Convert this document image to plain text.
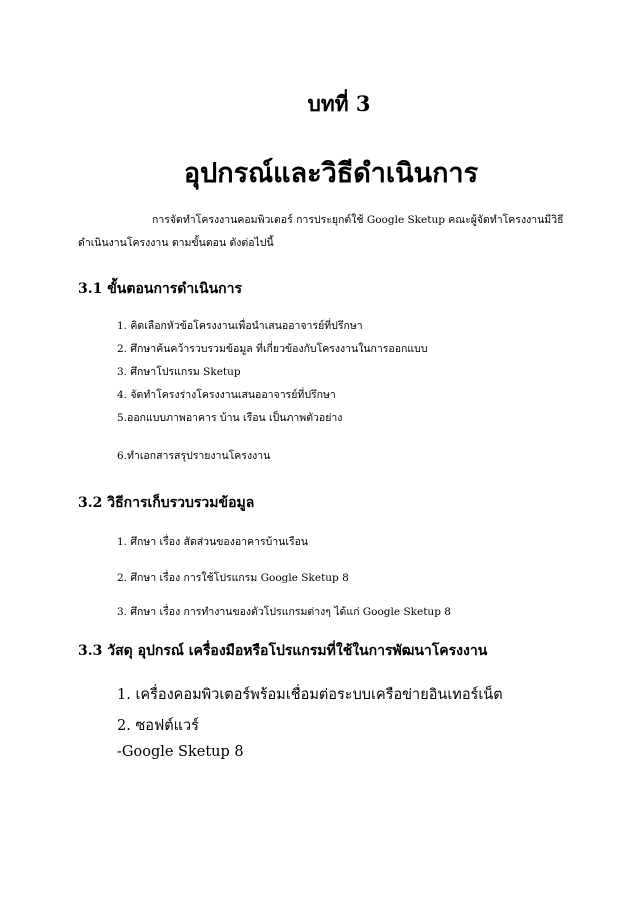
บทที่ 3
อุปกรณ์และวิธีดำเนินการ
การจัดทำโครงงานคอมพิวเตอร์ การประยุกต์ใช้ Google Sketup คณะผู้จัดทำโครงงานมีวิธี
ดำเนินงานโครงงาน ตามขั้นตอน ดังต่อไปนี้
3.1 ขั้นตอนการดำเนินการ
1. คิดเลือกหัวข้อโครงงานเพื่อนำเสนออาจารย์ที่ปรึกษา
2. ศึกษาค้นคว้ารวบรวมข้อมูล ที่เกี่ยวข้องกับโครงงานในการออกแบบ
3. ศึกษาโปรแกรม Sketup
4. จัดทำโครงร่างโครงงานเสนออาจารย์ที่ปรึกษา
5.ออกแบบภาพอาคาร บ้าน เรือน เป็นภาพตัวอย่าง
6.ทำเอกสารสรุปรายงานโครงงาน
3.2 วิธีการเก็บรวบรวมข้อมูล
1. ศึกษา เรื่อง สัดส่วนของอาคารบ้านเรือน
2. ศึกษา เรื่อง การใช้โปรแกรม Google Sketup 8
3. ศึกษา เรื่อง การทำงานของตัวโปรแกรมต่างๆ ได้แก่ Google Sketup 8
3.3 วัสดุ อุปกรณ์ เครื่องมือหรือโปรแกรมที่ใช้ในการพัฒนาโครงงาน
1. เครื่องคอมพิวเตอร์พร้อมเชื่อมต่อระบบเครือข่ายอินเทอร์เน็ต
2. ซอฟต์แวร์
-Google Sketup 8
